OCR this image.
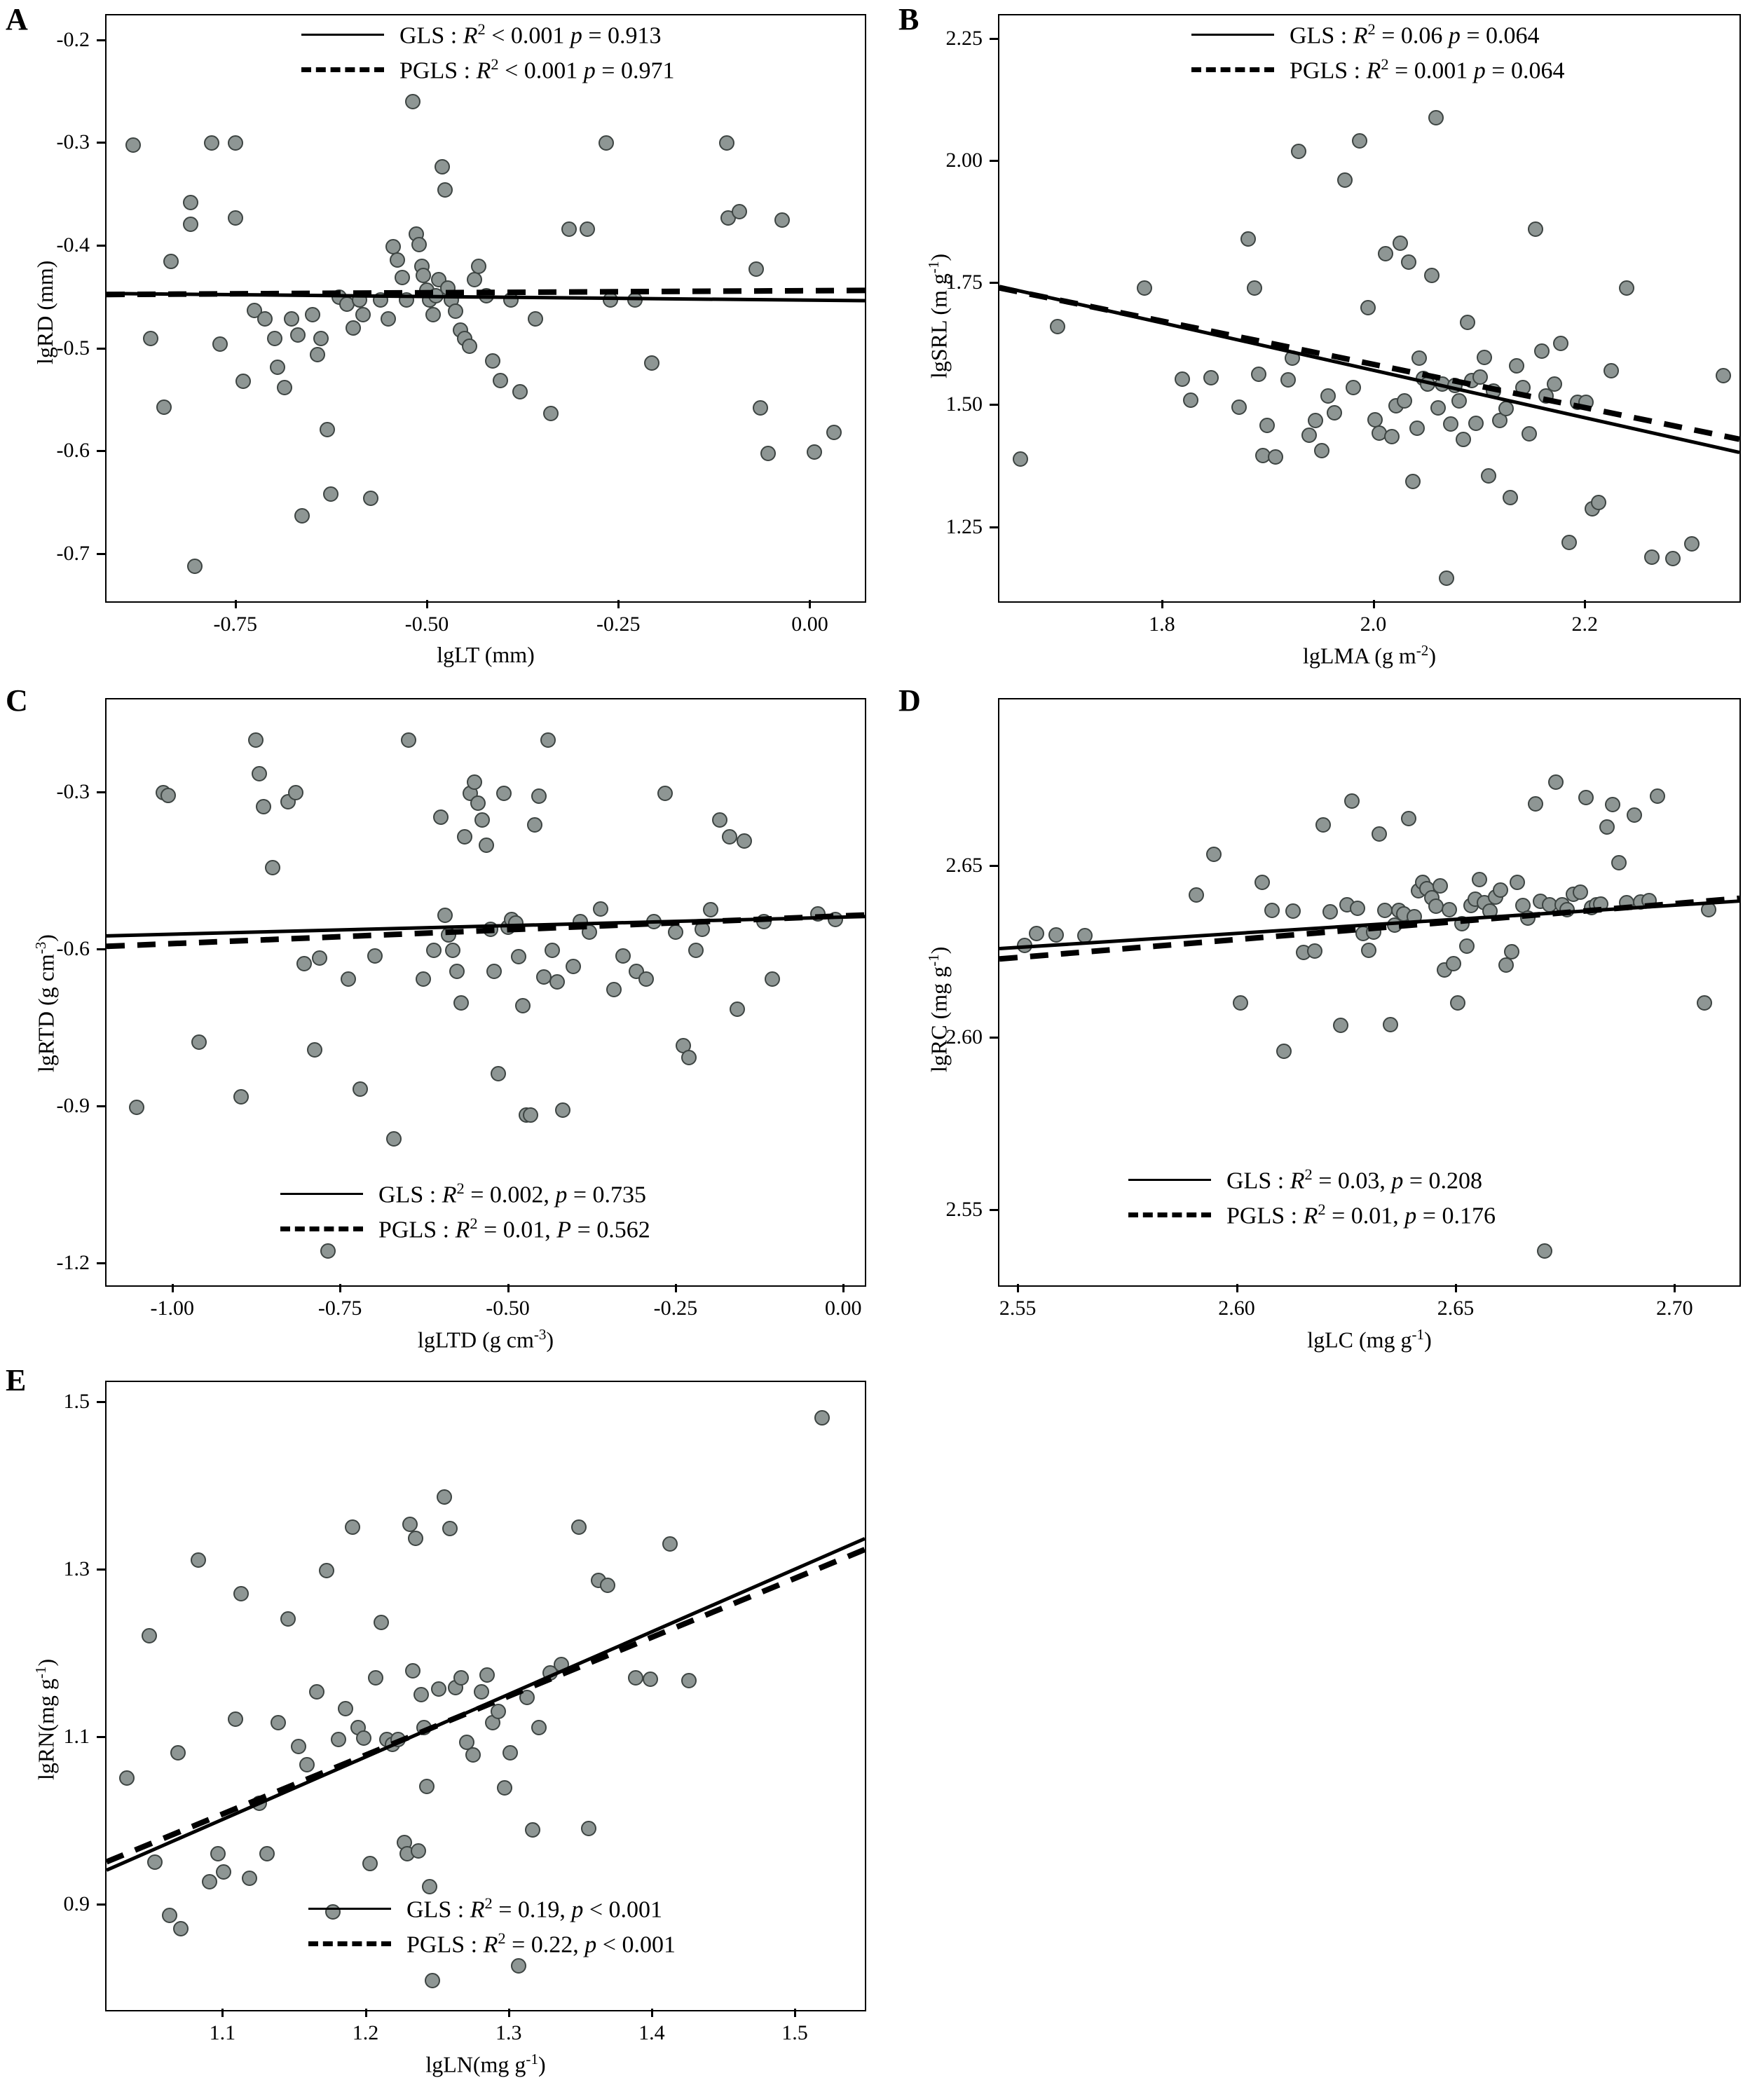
A	B
C	D
E
lgRD (mm)
lgLT (mm)
GLS : $R^2 < 0.001$ p = 0.913
PGLS : $R^2 < 0.001$ p = 0.971
lgSRL (m $g^{-1}$)
lgLMA (g $m^{-2}$)
GLS : $R^2 = 0.06$ p = 0.064
PGLS : $R^2 = 0.001$ p = 0.064
lgRTD (g $cm^{-3}$)
lgLTD (g $cm^{-3}$)
GLS : $R^2 = 0.002$, p = 0.735
PGLS : $R^2 = 0.01$, P = 0.562
lgRC (mg $g^{-1}$)
lgLC (mg $g^{-1}$)
GLS : $R^2 = 0.03$, p = 0.208
PGLS : $R^2 = 0.01$, p = 0.176
lgRN(mg $g^{-1}$)
lgLN(mg $g^{-1}$)
GLS : $R^2 = 0.19$, p < 0.001
PGLS : $R^2 = 0.22$, p < 0.001
-0.75	-0.50	-0.25	0.00
-0.7
-0.6
-0.5
-0.4
-0.3
-0.2
1.8	2.0	2.2
1.25
1.50
1.75
2.00
2.25
-1.00	-0.75	-0.50	-0.25	0.00
-1.2
-0.9
-0.6
-0.3
2.55	2.60	2.65	2.70
2.55
2.60
2.65
1.1	1.2	1.3	1.4	1.5
0.9
1.1
1.3
1.5
